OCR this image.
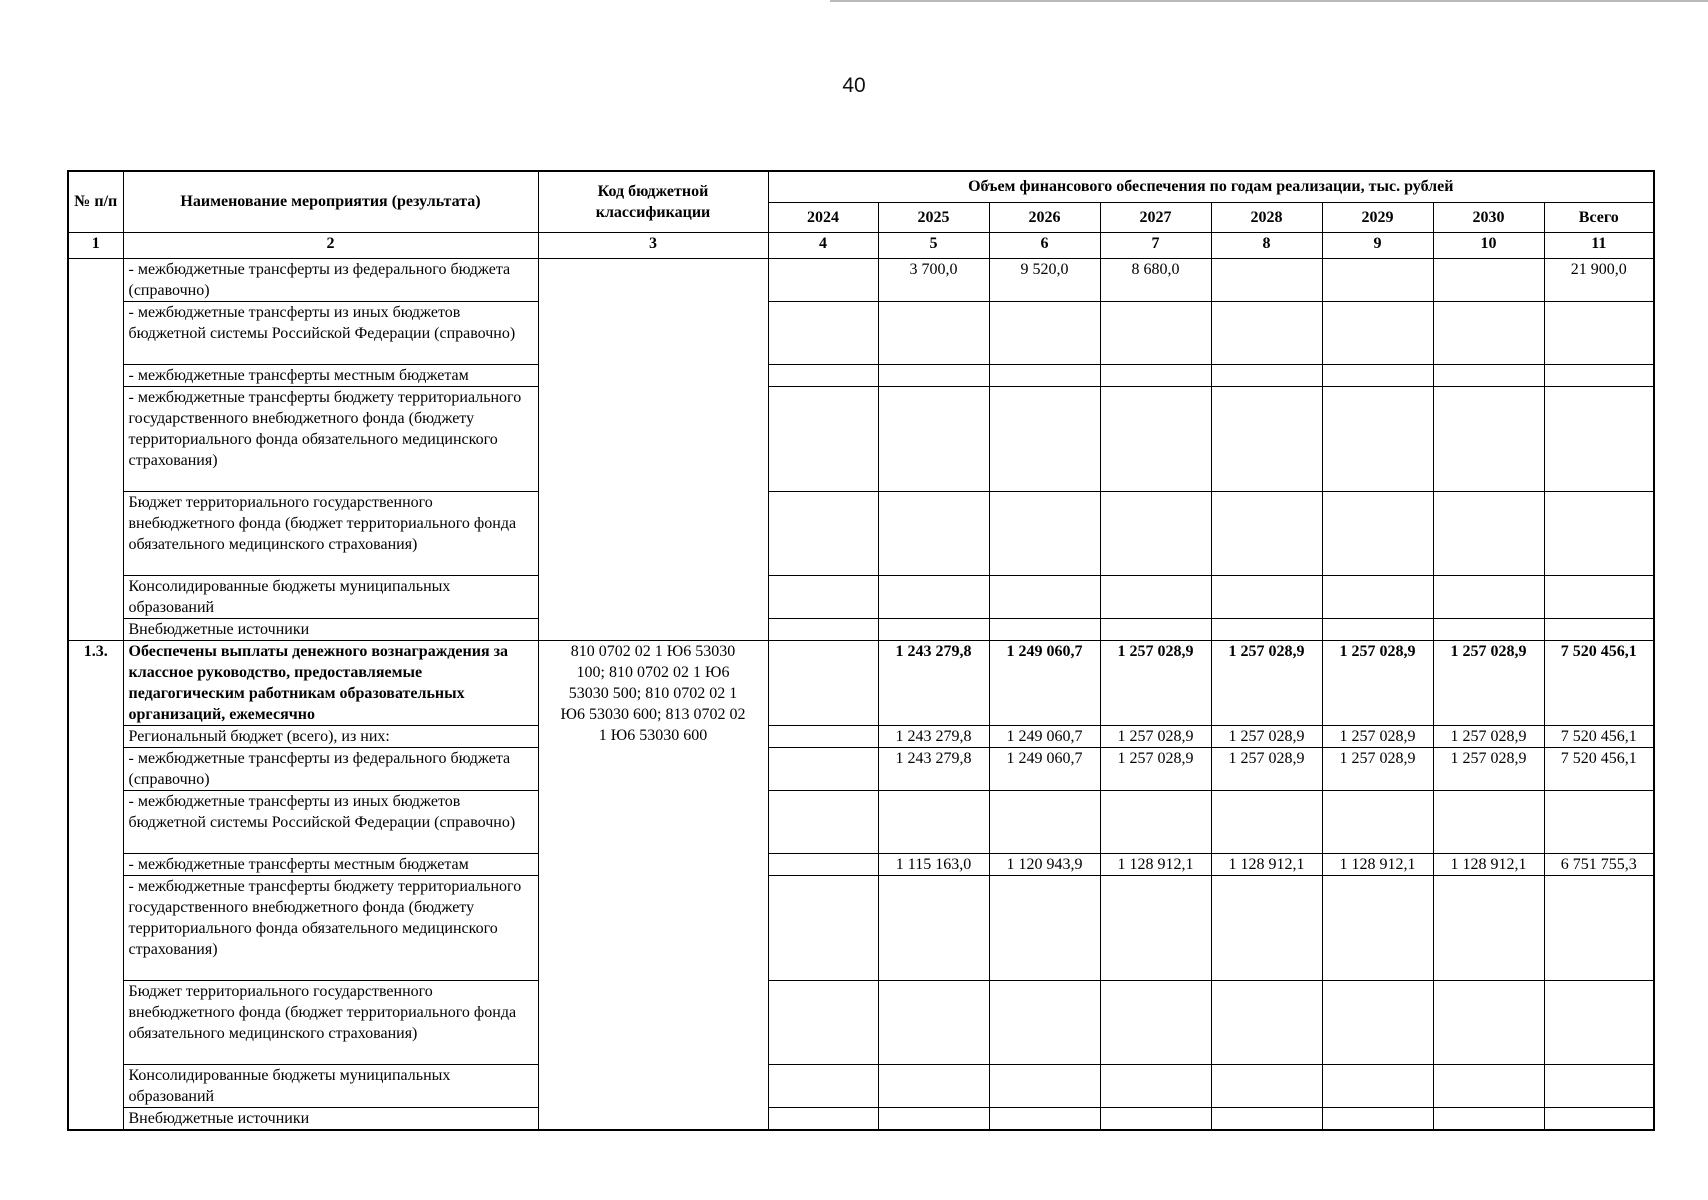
40
№ п/п	Наименование мероприятия (результата)	Код бюджетной классификации	Объем финансового обеспечения по годам реализации, тыс. рублей							
			2024	2025	2026	2027	2028	2029	2030	Всего
1	2	3	4	5	6	7	8	9	10	11
	- межбюджетные трансферты из федерального бюджета (справочно)			3 700,0	9 520,0	8 680,0				21 900,0
	- межбюджетные трансферты из иных бюджетов бюджетной системы Российской Федерации (справочно)									
	- межбюджетные трансферты местным бюджетам									
	- межбюджетные трансферты бюджету территориального государственного внебюджетного фонда (бюджету территориального фонда обязательного медицинского страхования)									
	Бюджет территориального государственного внебюджетного фонда (бюджет территориального фонда обязательного медицинского страхования)									
	Консолидированные бюджеты муниципальных образований									
	Внебюджетные источники									
1.3.	Обеспечены выплаты денежного вознаграждения за классное руководство, предоставляемые педагогическим работникам образовательных организаций, ежемесячно	810 0702 02 1 Ю6 53030 100; 810 0702 02 1 Ю6 53030 500; 810 0702 02 1 Ю6 53030 600; 813 0702 02 1 Ю6 53030 600		1 243 279,8	1 249 060,7	1 257 028,9	1 257 028,9	1 257 028,9	1 257 028,9	7 520 456,1
	Региональный бюджет (всего), из них:			1 243 279,8	1 249 060,7	1 257 028,9	1 257 028,9	1 257 028,9	1 257 028,9	7 520 456,1
	- межбюджетные трансферты из федерального бюджета (справочно)			1 243 279,8	1 249 060,7	1 257 028,9	1 257 028,9	1 257 028,9	1 257 028,9	7 520 456,1
	- межбюджетные трансферты из иных бюджетов бюджетной системы Российской Федерации (справочно)									
	- межбюджетные трансферты местным бюджетам			1 115 163,0	1 120 943,9	1 128 912,1	1 128 912,1	1 128 912,1	1 128 912,1	6 751 755,3
	- межбюджетные трансферты бюджету территориального государственного внебюджетного фонда (бюджету территориального фонда обязательного медицинского страхования)									
	Бюджет территориального государственного внебюджетного фонда (бюджет территориального фонда обязательного медицинского страхования)									
	Консолидированные бюджеты муниципальных образований									
	Внебюджетные источники									
